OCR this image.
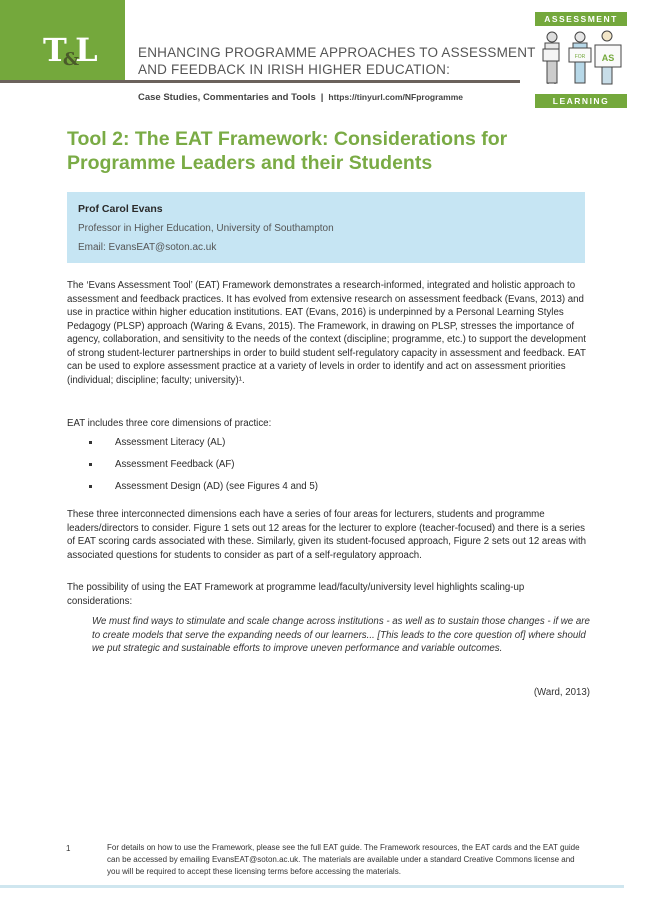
T&L	ENHANCING PROGRAMME APPROACHES TO ASSESSMENT
AND FEEDBACK IN IRISH HIGHER EDUCATION:
Case Studies, Commentaries and Tools | https://tinyurl.com/NFprogramme
ASSESSMENT
FOR AS
LEARNING
Tool 2: The EAT Framework: Considerations for
Programme Leaders and their Students
Prof Carol Evans
Professor in Higher Education, University of Southampton
Email: EvansEAT@soton.ac.uk

The ‘Evans Assessment Tool’ (EAT) Framework demonstrates a research-informed, integrated and holistic approach to assessment and feedback practices. It has evolved from extensive research on assessment feedback (Evans, 2013) and use in practice within higher education institutions. EAT (Evans, 2016) is underpinned by a Personal Learning Styles Pedagogy (PLSP) approach (Waring & Evans, 2015). The Framework, in drawing on PLSP, stresses the importance of agency, collaboration, and sensitivity to the needs of the context (discipline; programme, etc.) to support the development of strong student-lecturer partnerships in order to build student self-regulatory capacity in assessment and feedback. EAT can be used to explore assessment practice at a variety of levels in order to identify and act on assessment priorities (individual; discipline; faculty; university)¹.

EAT includes three core dimensions of practice:

Assessment Literacy (AL)
Assessment Feedback (AF)
Assessment Design (AD) (see Figures 4 and 5)

These three interconnected dimensions each have a series of four areas for lecturers, students and programme leaders/directors to consider. Figure 1 sets out 12 areas for the lecturer to explore (teacher-focused) and there is a series of EAT scoring cards associated with these. Similarly, given its student-focused approach, Figure 2 sets out 12 areas with associated questions for students to consider as part of a self-regulatory approach.

The possibility of using the EAT Framework at programme lead/faculty/university level highlights scaling-up considerations:

We must find ways to stimulate and scale change across institutions - as well as to sustain those changes - if we are to create models that serve the expanding needs of our learners... [This leads to the core question of] where should we put strategic and sustainable efforts to improve uneven performance and variable outcomes.
(Ward, 2013)
1	For details on how to use the Framework, please see the full EAT guide. The Framework resources, the EAT cards and the EAT guide can be accessed by emailing EvansEAT@soton.ac.uk. The materials are available under a standard Creative Commons license and you will be required to accept these licensing terms before accessing the materials.
